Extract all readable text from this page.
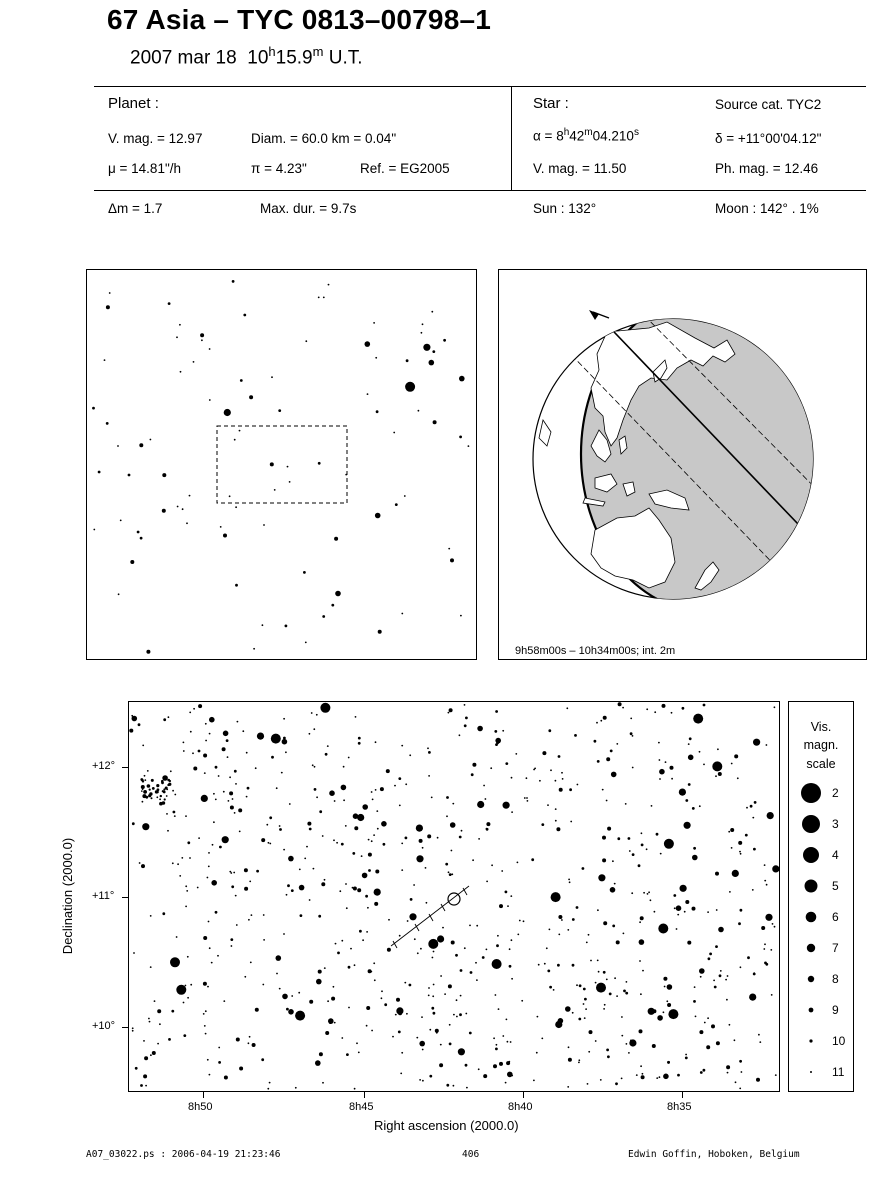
67 Asia – TYC 0813–00798–1
2007 mar 18 10$^h$15.9$^m$ U.T.
Planet :
V. mag. = 12.97	Diam. = 60.0 km = 0.04"
μ = 14.81"/h	π = 4.23"	Ref. = EG2005
Δm = 1.7	Max. dur. = 9.7s
Star :	Source cat. TYC2
$\alpha = 8^h42^m04.210^s$	δ = +11°00'04.12"
V. mag. = 11.50	Ph. mag. = 12.46
Sun : 132°	Moon : 142° . 1%
9h58m00s – 10h34m00s; int. 2m
+12°
+11°
+10°
8h50	8h45	8h40	8h35
Right ascension (2000.0)
Declination (2000.0)
Vis.
magn.
scale
2
3
4
5
6
7
8
9
10
11
A07_03022.ps : 2006-04-19 21:23:46	406	Edwin Goffin, Hoboken, Belgium
